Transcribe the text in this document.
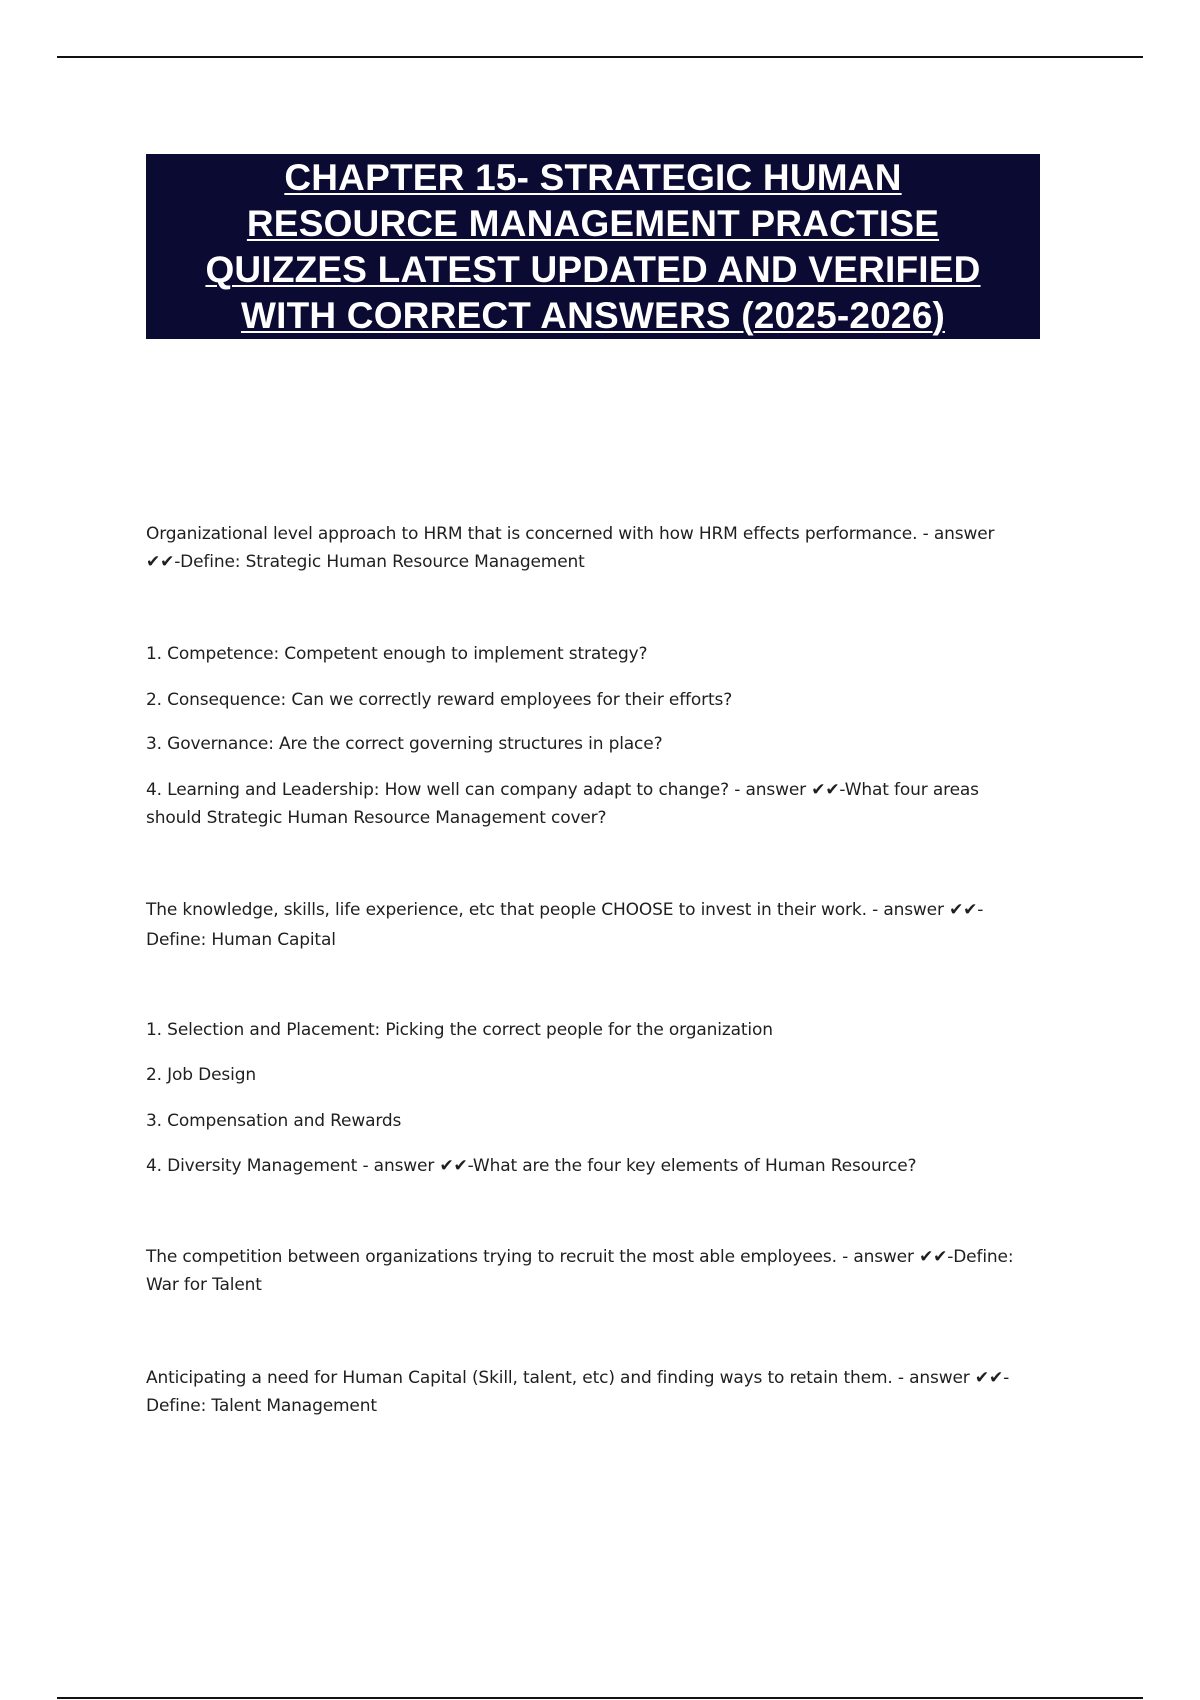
CHAPTER 15- STRATEGIC HUMAN
RESOURCE MANAGEMENT PRACTISE
QUIZZES LATEST UPDATED AND VERIFIED
WITH CORRECT ANSWERS (2025-2026)
Organizational level approach to HRM that is concerned with how HRM effects performance. - answer
✔✔-Define: Strategic Human Resource Management
1. Competence: Competent enough to implement strategy?
2. Consequence: Can we correctly reward employees for their efforts?
3. Governance: Are the correct governing structures in place?
4. Learning and Leadership: How well can company adapt to change? - answer ✔✔-What four areas
should Strategic Human Resource Management cover?
The knowledge, skills, life experience, etc that people CHOOSE to invest in their work. - answer ✔✔-
Define: Human Capital
1. Selection and Placement: Picking the correct people for the organization
2. Job Design
3. Compensation and Rewards
4. Diversity Management - answer ✔✔-What are the four key elements of Human Resource?
The competition between organizations trying to recruit the most able employees. - answer ✔✔-Define:
War for Talent
Anticipating a need for Human Capital (Skill, talent, etc) and finding ways to retain them. - answer ✔✔-
Define: Talent Management
